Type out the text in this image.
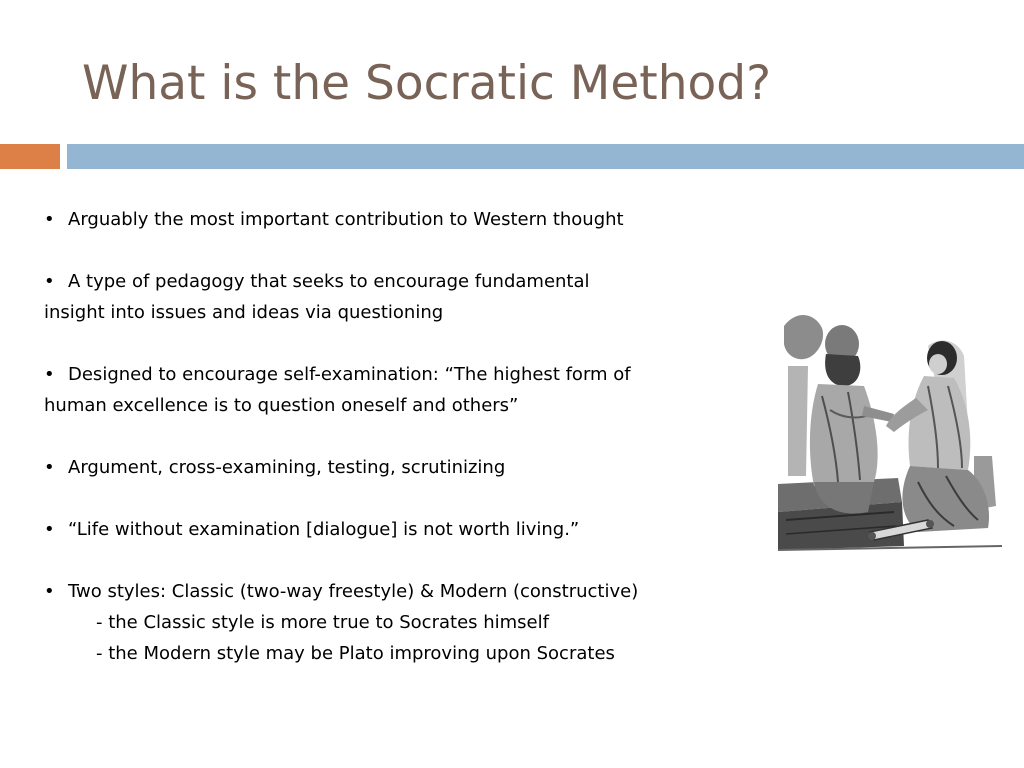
What is the Socratic Method?

• Arguably the most important contribution to Western thought

• A type of pedagogy that seeks to encourage fundamental
insight into issues and ideas via questioning

• Designed to encourage self-examination: “The highest form of
human excellence is to question oneself and others”

• Argument, cross-examining, testing, scrutinizing

• “Life without examination [dialogue] is not worth living.”

• Two styles: Classic (two-way freestyle) & Modern (constructive)
- the Classic style is more true to Socrates himself
- the Modern style may be Plato improving upon Socrates
